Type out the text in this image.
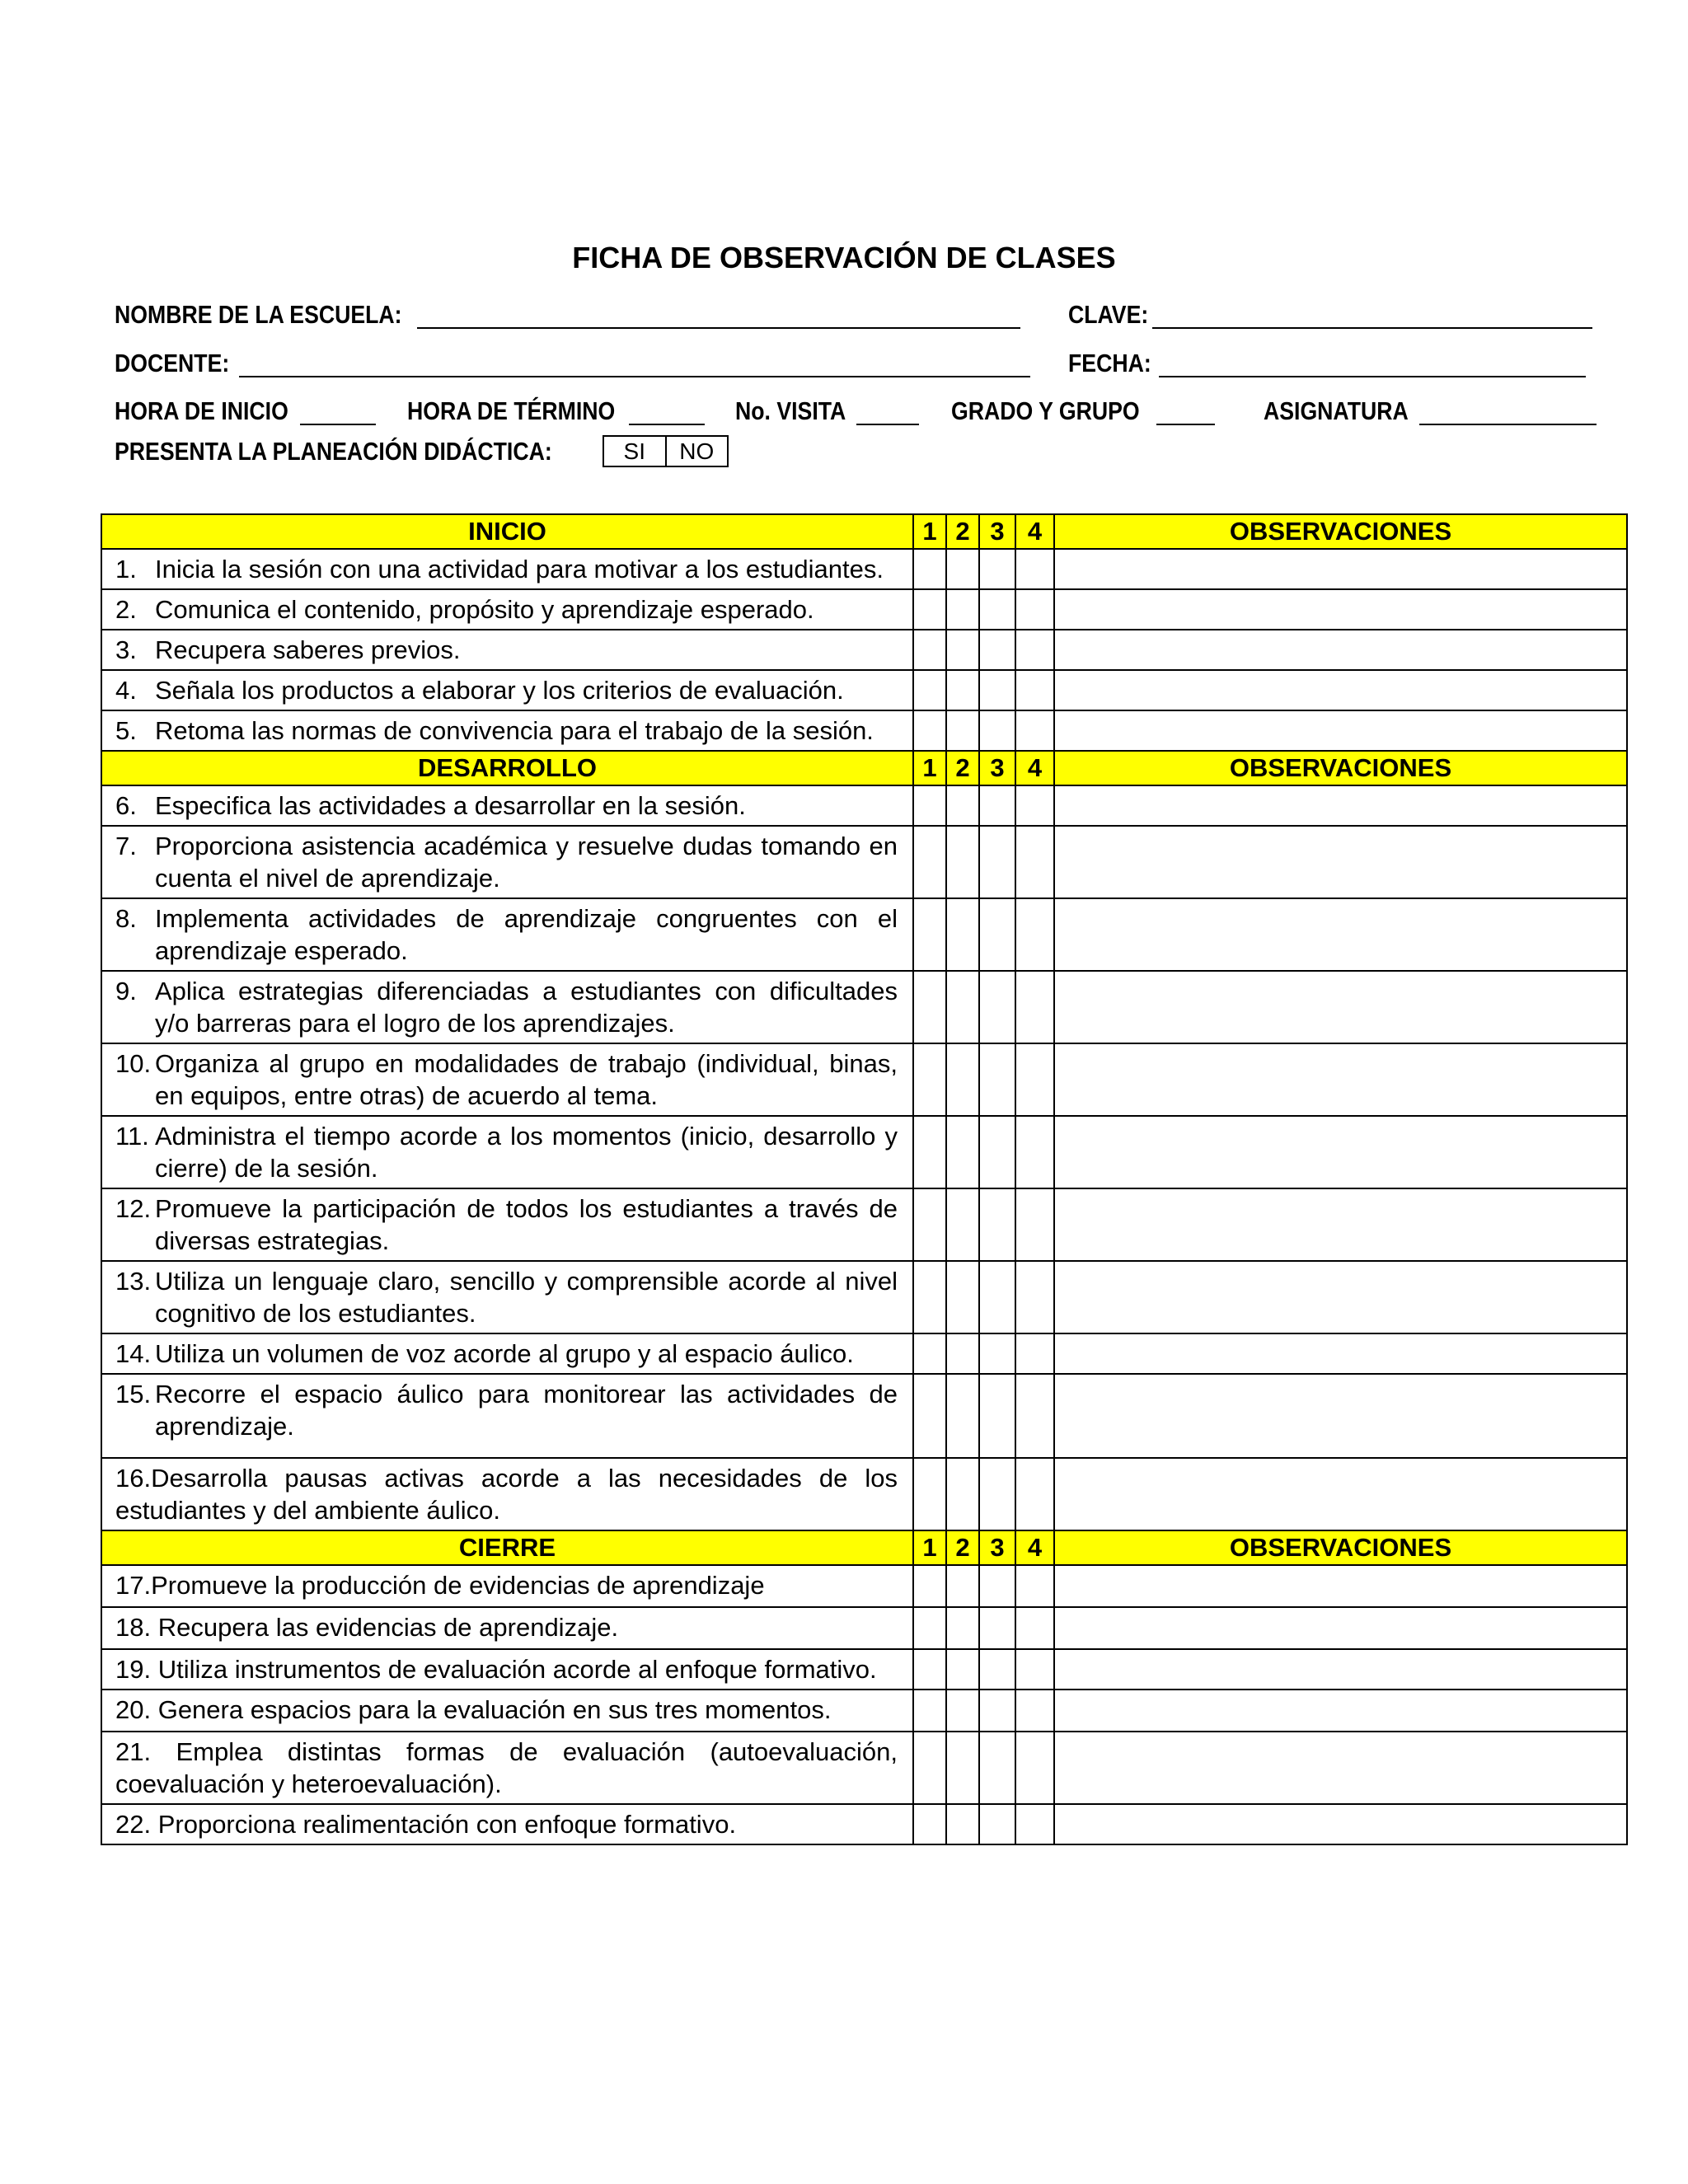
FICHA DE OBSERVACIÓN DE CLASES
NOMBRE DE LA ESCUELA:	CLAVE:
DOCENTE:	FECHA:
HORA DE INICIO	HORA DE TÉRMINO	No. VISITA	GRADO Y GRUPO	ASIGNATURA
PRESENTA LA PLANEACIÓN DIDÁCTICA:	SI	NO
INICIO	1	2	3	4	OBSERVACIONES

1. Inicia la sesión con una actividad para motivar a los estudiantes.					

2. Comunica el contenido, propósito y aprendizaje esperado.					

3. Recupera saberes previos.					

4. Señala los productos a elaborar y los criterios de evaluación.					

5. Retoma las normas de convivencia para el trabajo de la sesión.					

DESARROLLO	1	2	3	4	OBSERVACIONES

6. Especifica las actividades a desarrollar en la sesión.					

7. Proporciona asistencia académica y resuelve dudas tomando en cuenta el nivel de aprendizaje.					

8. Implementa actividades de aprendizaje congruentes con el aprendizaje esperado.					

9. Aplica estrategias diferenciadas a estudiantes con dificultades y/o barreras para el logro de los aprendizajes.					

10. Organiza al grupo en modalidades de trabajo (individual, binas, en equipos, entre otras) de acuerdo al tema.					

11. Administra el tiempo acorde a los momentos (inicio, desarrollo y cierre) de la sesión.					

12. Promueve la participación de todos los estudiantes a través de diversas estrategias.					

13. Utiliza un lenguaje claro, sencillo y comprensible acorde al nivel cognitivo de los estudiantes.					

14. Utiliza un volumen de voz acorde al grupo y al espacio áulico.					

15. Recorre el espacio áulico para monitorear las actividades de aprendizaje.					

16.Desarrolla pausas activas acorde a las necesidades de los estudiantes y del ambiente áulico.					

CIERRE	1	2	3	4	OBSERVACIONES

17.Promueve la producción de evidencias de aprendizaje					

18. Recupera las evidencias de aprendizaje.					

19. Utiliza instrumentos de evaluación acorde al enfoque formativo.					

20. Genera espacios para la evaluación en sus tres momentos.					

21. Emplea distintas formas de evaluación (autoevaluación, coevaluación y heteroevaluación).					

22. Proporciona realimentación con enfoque formativo.					
